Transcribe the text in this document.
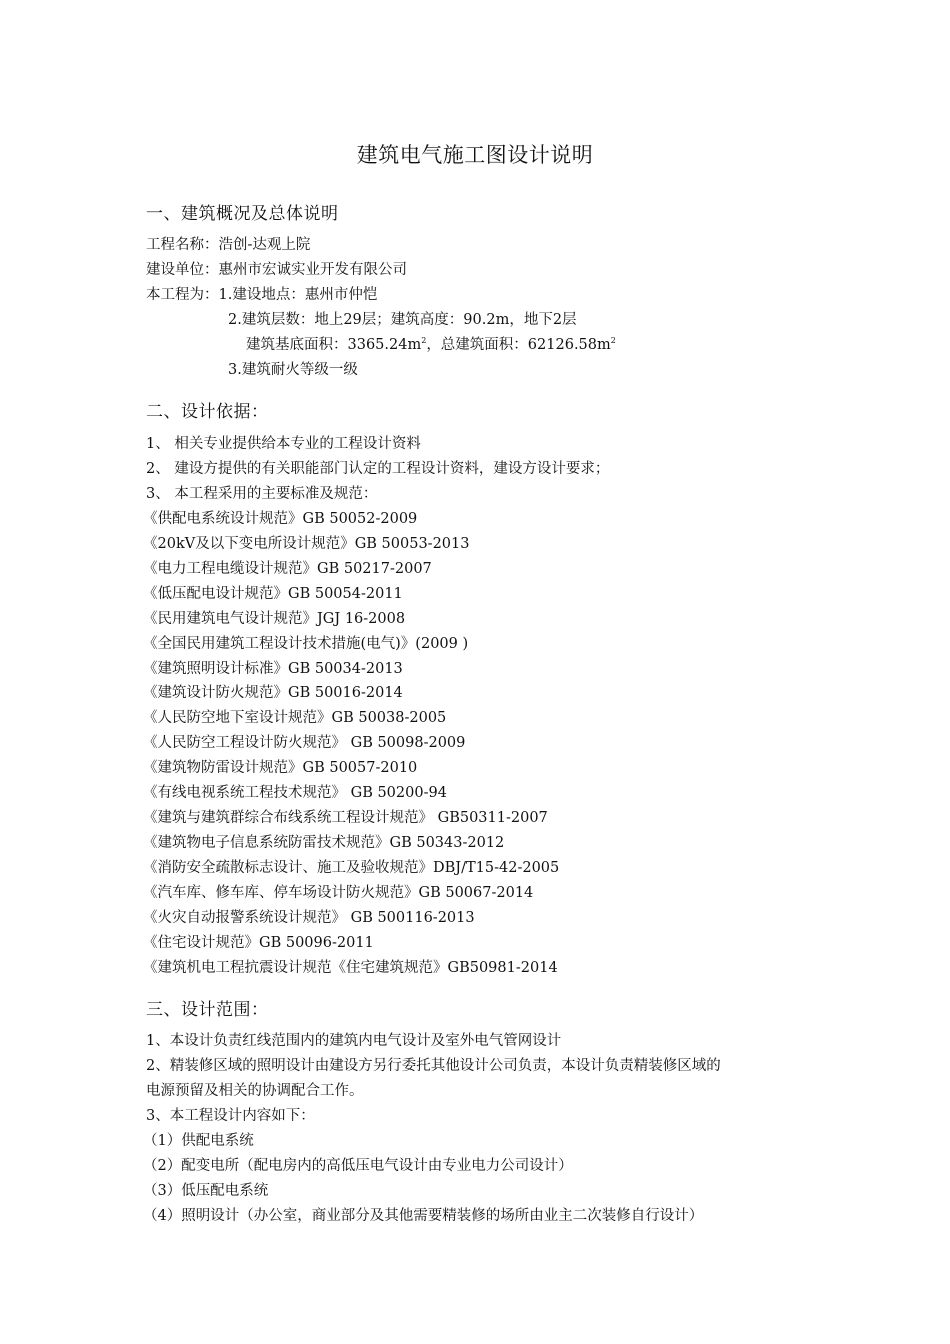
建筑电气施工图设计说明
一、建筑概况及总体说明
工程名称：浩创-达观上院
建设单位：惠州市宏诚实业开发有限公司
本工程为：1.建设地点：惠州市仲恺
2.建筑层数：地上29层；建筑高度：90.2m，地下2层
建筑基底面积：$3365.24m^2$，总建筑面积：$62126.58m^2$
3.建筑耐火等级一级
二、设计依据：
1、 相关专业提供给本专业的工程设计资料
2、 建设方提供的有关职能部门认定的工程设计资料，建设方设计要求；
3、 本工程采用的主要标准及规范：
《供配电系统设计规范》GB 50052-2009
《20kV及以下变电所设计规范》GB 50053-2013
《电力工程电缆设计规范》GB 50217-2007
《低压配电设计规范》GB 50054-2011
《民用建筑电气设计规范》JGJ 16-2008
《全国民用建筑工程设计技术措施(电气)》(2009 )
《建筑照明设计标准》GB 50034-2013
《建筑设计防火规范》GB 50016-2014
《人民防空地下室设计规范》GB 50038-2005
《人民防空工程设计防火规范》 GB 50098-2009
《建筑物防雷设计规范》GB 50057-2010
《有线电视系统工程技术规范》 GB 50200-94
《建筑与建筑群综合布线系统工程设计规范》 GB50311-2007
《建筑物电子信息系统防雷技术规范》GB 50343-2012
《消防安全疏散标志设计、施工及验收规范》DBJ/T15-42-2005
《汽车库、修车库、停车场设计防火规范》GB 50067-2014
《火灾自动报警系统设计规范》 GB 500116-2013
《住宅设计规范》GB 50096-2011
《建筑机电工程抗震设计规范《住宅建筑规范》GB50981-2014
三、设计范围：
1、本设计负责红线范围内的建筑内电气设计及室外电气管网设计
2、精装修区域的照明设计由建设方另行委托其他设计公司负责，本设计负责精装修区域的
电源预留及相关的协调配合工作。
3、本工程设计内容如下：
（1）供配电系统
（2）配变电所（配电房内的高低压电气设计由专业电力公司设计）
（3）低压配电系统
（4）照明设计（办公室，商业部分及其他需要精装修的场所由业主二次装修自行设计）
